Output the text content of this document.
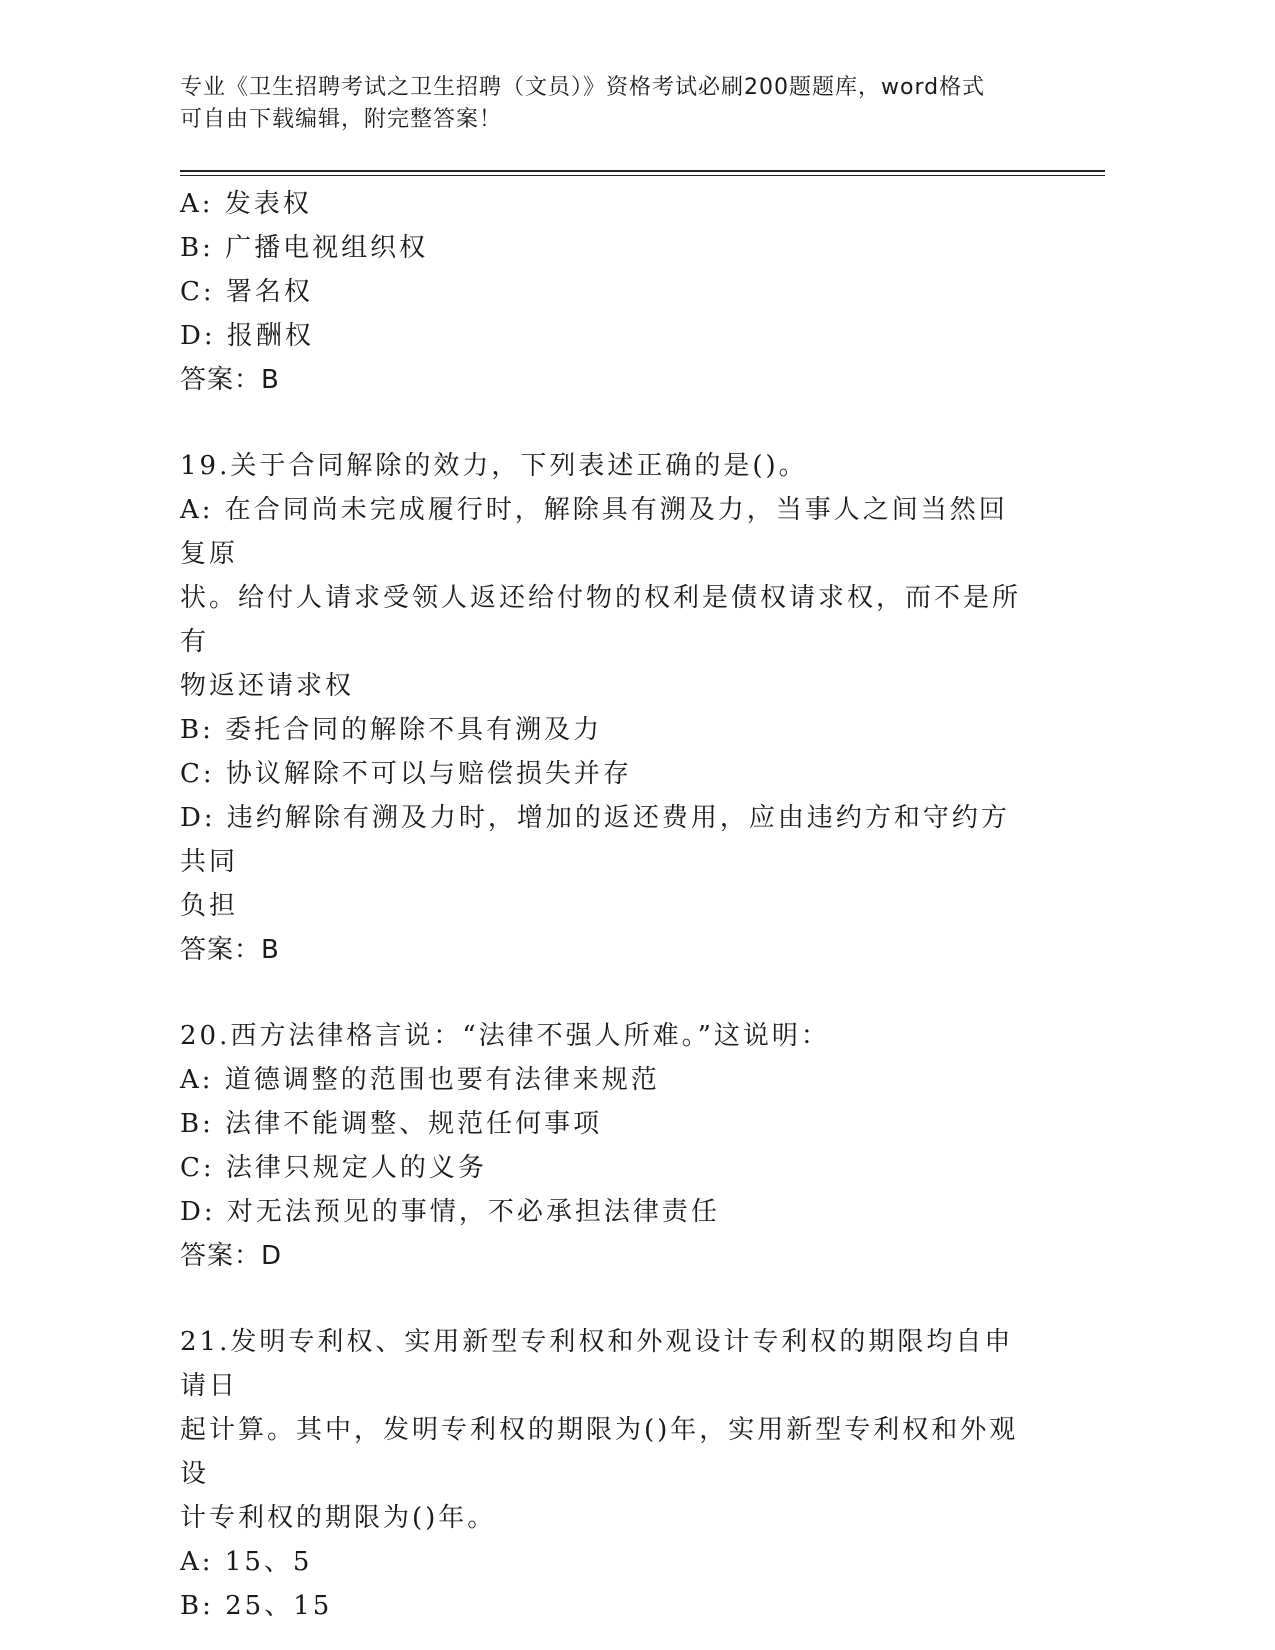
专业《卫生招聘考试之卫生招聘（文员）》资格考试必刷200题题库，word格式
可自由下载编辑，附完整答案！
A: 发表权
B: 广播电视组织权
C: 署名权
D: 报酬权
答案：B
19.关于合同解除的效力，下列表述正确的是()。
A: 在合同尚未完成履行时，解除具有溯及力，当事人之间当然回复原
状。给付人请求受领人返还给付物的权利是债权请求权，而不是所有
物返还请求权
B: 委托合同的解除不具有溯及力
C: 协议解除不可以与赔偿损失并存
D: 违约解除有溯及力时，增加的返还费用，应由违约方和守约方共同
负担
答案：B
20.西方法律格言说：“法律不强人所难。”这说明：
A: 道德调整的范围也要有法律来规范
B: 法律不能调整、规范任何事项
C: 法律只规定人的义务
D: 对无法预见的事情，不必承担法律责任
答案：D
21.发明专利权、实用新型专利权和外观设计专利权的期限均自申请日
起计算。其中，发明专利权的期限为()年，实用新型专利权和外观设
计专利权的期限为()年。
A: 15、5
B: 25、15
